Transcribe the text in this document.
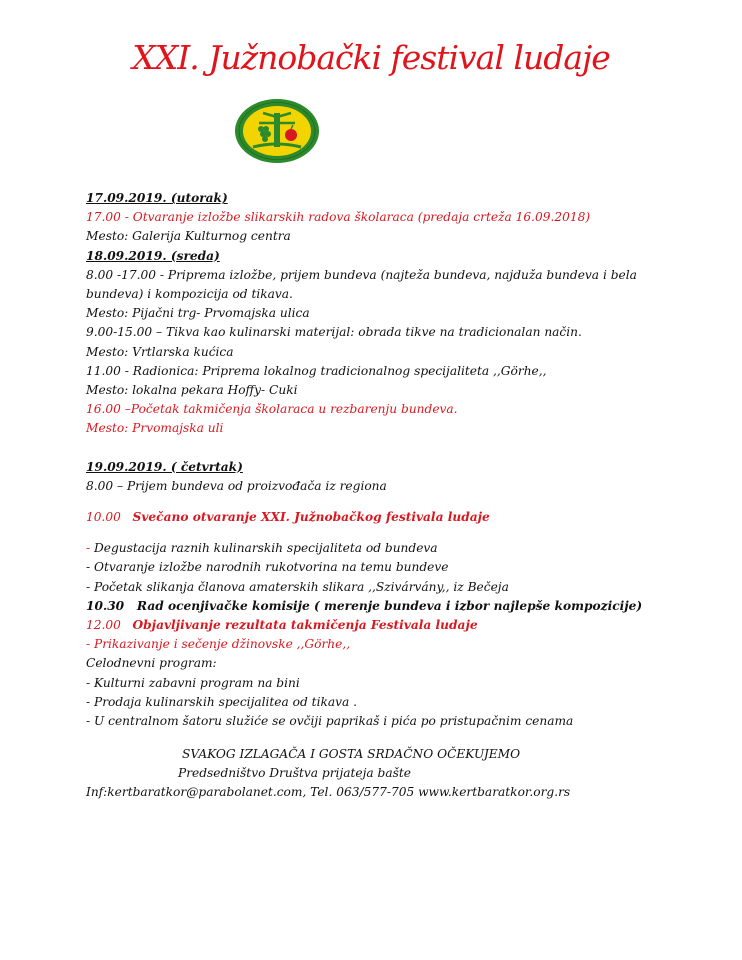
XXI. Južnobački festival ludaje
17.09.2019. (utorak)
17.00 - Otvaranje izložbe slikarskih radova školaraca (predaja crteža 16.09.2018)
Mesto: Galerija Kulturnog centra
18.09.2019. (sreda)
8.00 -17.00 - Pripremа izložbe, prijem bundeva (najteža bundeva, najduža bundeva i bela
bundeva) i kompozicija od tikava.
Mesto: Pijačni trg- Prvomajska ulica
9.00-15.00 – Tikva kao kulinarski materijal: obrada tikve na tradicionalan način.
Mesto: Vrtlarska kućica
11.00 - Radionica: Priprema lokalnog tradicionalnog specijaliteta ,,Görhe,,
Mesto: lokalna pekara Hoffy- Cuki
16.00 –Početak takmičenja školaraca u rezbarenju bundeva.
Mesto: Prvomajska uli
19.09.2019. ( četvrtak)
8.00 – Prijem bundeva od proizvođača iz regiona
10.00 Svečano otvaranje XXI. Južnobačkog festivala ludaje
- Degustacija raznih kulinarskih specijaliteta od bundeva
- Otvaranje izložbe narodnih rukotvorina na temu bundeve
- Početak slikanja članova amaterskih slikara ,,Szivárvány,, iz Bečeja
10.30 Rad ocenjivačke komisije ( merenje bundeva i izbor najlepše kompozicije)
12.00 Objavljivanje rezultata takmičenja Festivala ludaje
- Prikazivanje i sečenje džinovske ,,Görhe,,
Celodnevni program:
- Kulturni zabavni program na bini
- Prodaja kulinarskih specijalitea od tikava .
- U centralnom šatoru služiće se ovčiji paprikaš i pića po pristupačnim cenama
SVAKOG IZLAGAČA I GOSTA SRDAČNO OČEKUJEMO
Predsedništvo Društva prijateja bašte
Inf:kertbaratkor@parabolanet.com, Tel. 063/577-705 www.kertbaratkor.org.rs
